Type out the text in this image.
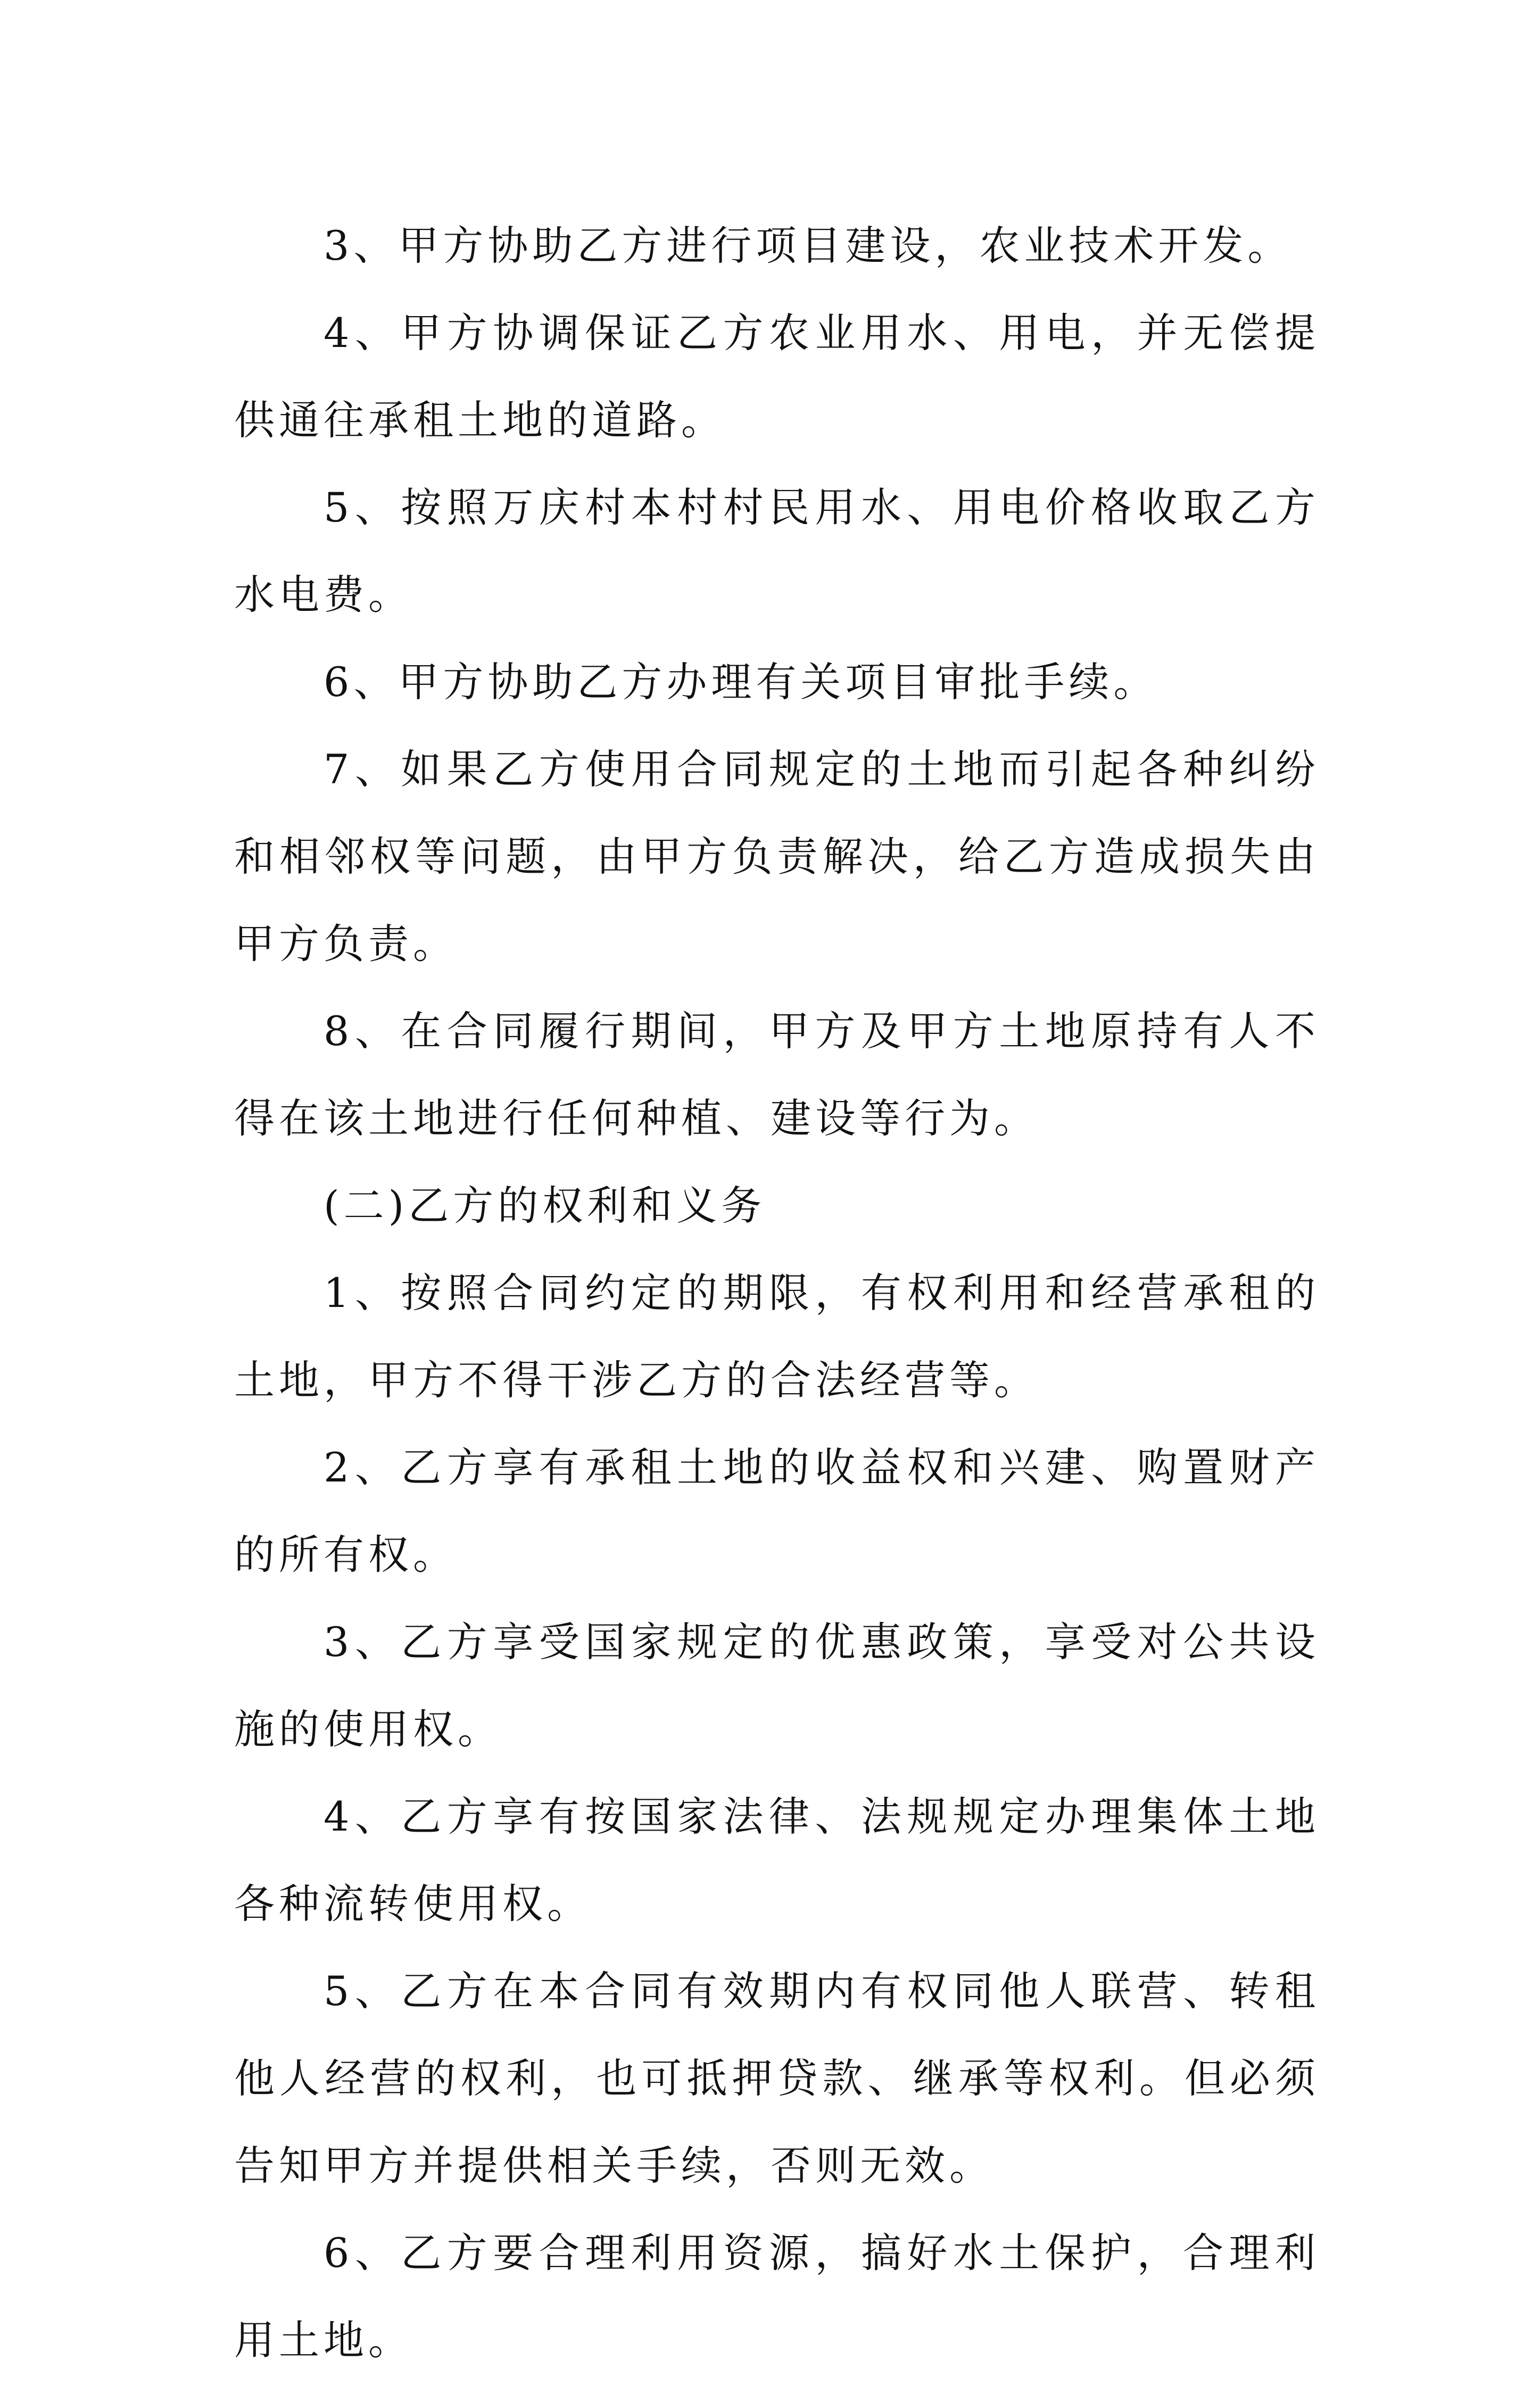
3、甲方协助乙方进行项目建设，农业技术开发。

4、甲方协调保证乙方农业用水、用电，并无偿提供通往承租土地的道路。

5、按照万庆村本村村民用水、用电价格收取乙方水电费。

6、甲方协助乙方办理有关项目审批手续。

7、如果乙方使用合同规定的土地而引起各种纠纷和相邻权等问题，由甲方负责解决，给乙方造成损失由甲方负责。

8、在合同履行期间，甲方及甲方土地原持有人不得在该土地进行任何种植、建设等行为。

(二)乙方的权利和义务

1、按照合同约定的期限，有权利用和经营承租的土地，甲方不得干涉乙方的合法经营等。

2、乙方享有承租土地的收益权和兴建、购置财产的所有权。

3、乙方享受国家规定的优惠政策，享受对公共设施的使用权。

4、乙方享有按国家法律、法规规定办理集体土地各种流转使用权。

5、乙方在本合同有效期内有权同他人联营、转租他人经营的权利，也可抵押贷款、继承等权利。但必须告知甲方并提供相关手续，否则无效。

6、乙方要合理利用资源，搞好水土保护，合理利用土地。
